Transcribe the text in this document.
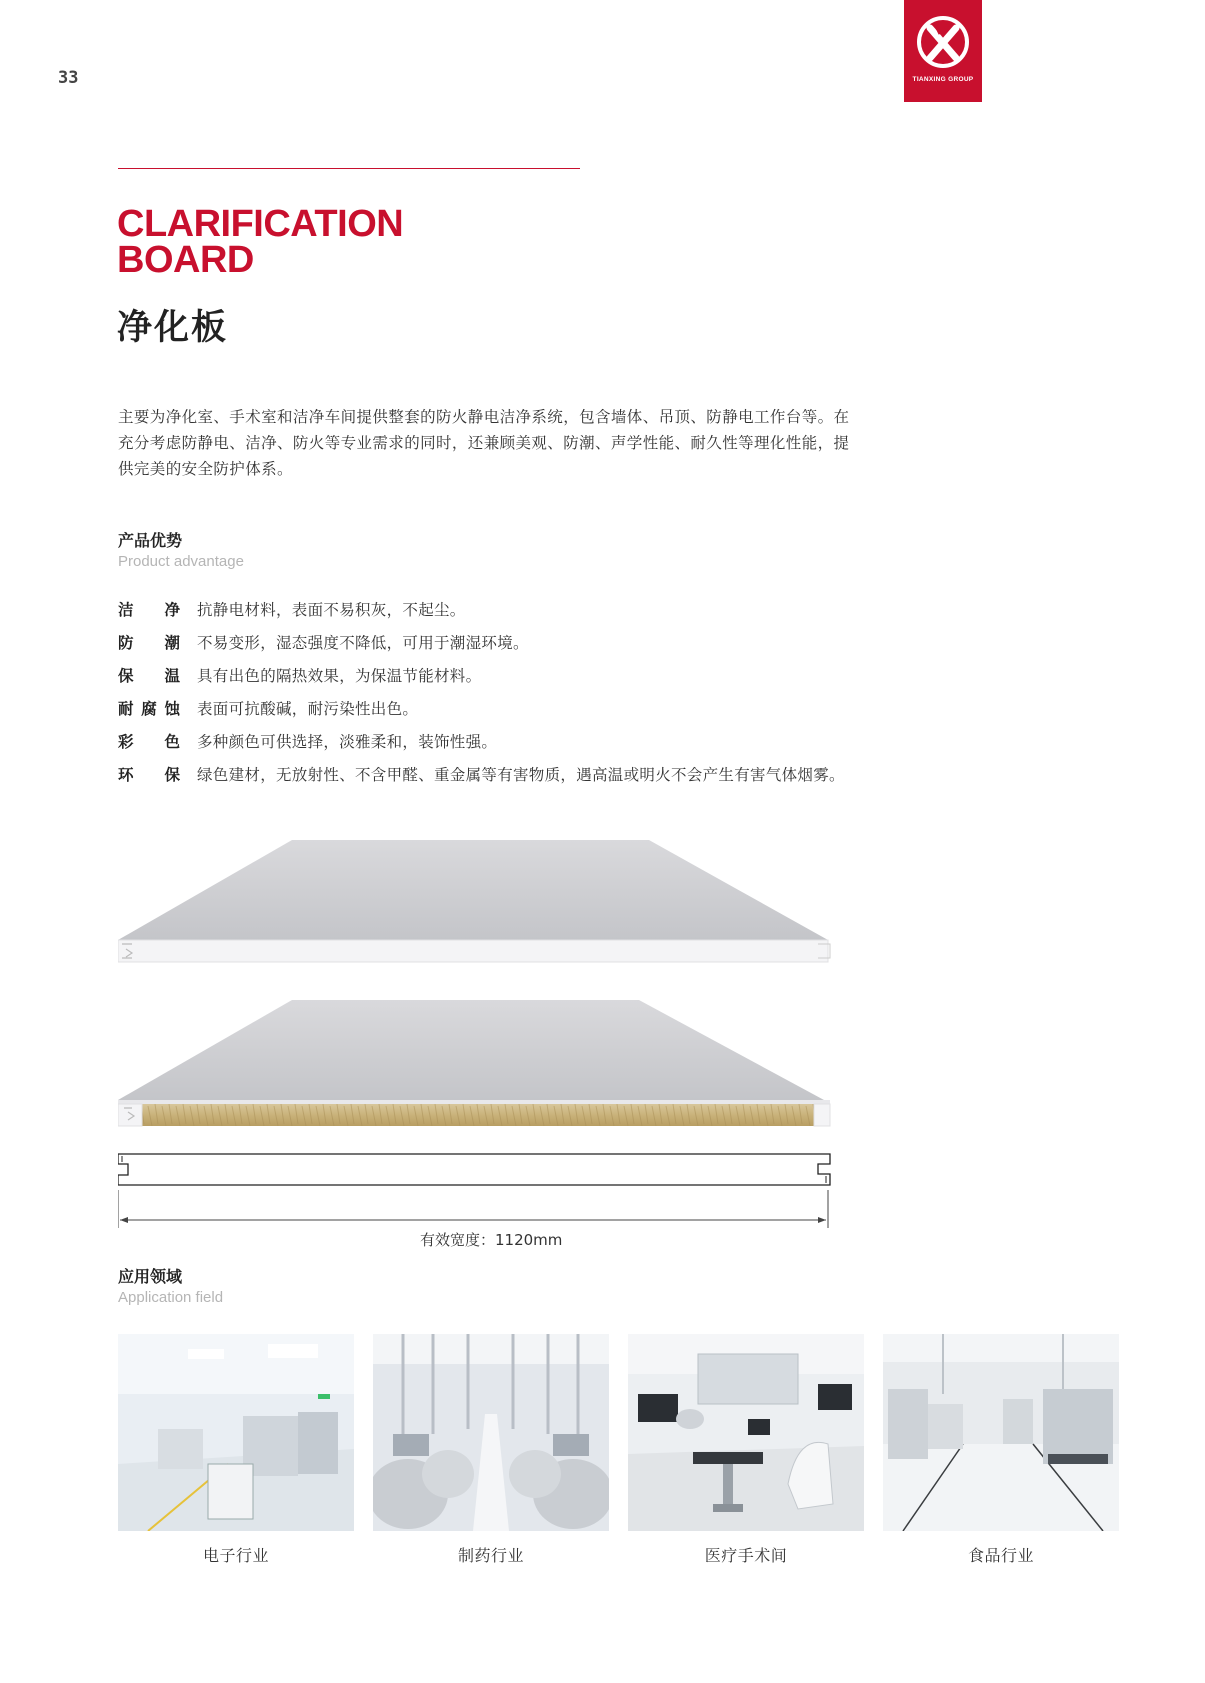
33	TIANXING GROUP
CLARIFICATION
BOARD
净化板

主要为净化室、手术室和洁净车间提供整套的防火静电洁净系统，包含墙体、吊顶、防静电工作台等。在充分考虑防静电、洁净、防火等专业需求的同时，还兼顾美观、防潮、声学性能、耐久性等理化性能，提供完美的安全防护体系。

产品优势
Product advantage
洁净 抗静电材料，表面不易积灰，不起尘。
防潮 不易变形，湿态强度不降低，可用于潮湿环境。
保温 具有出色的隔热效果，为保温节能材料。
耐腐蚀 表面可抗酸碱，耐污染性出色。
彩色 多种颜色可供选择，淡雅柔和，装饰性强。
环保 绿色建材，无放射性、不含甲醛、重金属等有害物质，遇高温或明火不会产生有害气体烟雾。
有效宽度：1120mm
应用领域
Application field
电子行业	制药行业	医疗手术间	食品行业
